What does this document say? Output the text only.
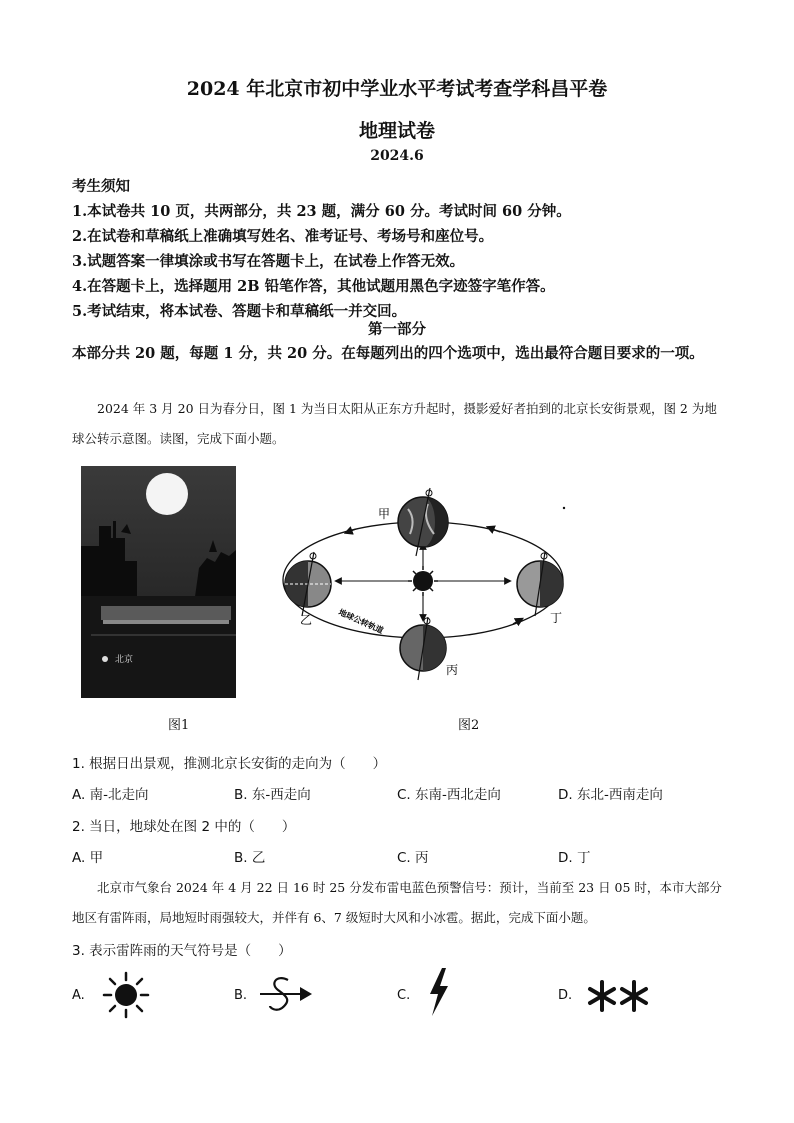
2024 年北京市初中学业水平考试考查学科昌平卷
地理试卷
2024.6
考生须知
1.本试卷共 10 页，共两部分，共 23 题，满分 60 分。考试时间 60 分钟。
2.在试卷和草稿纸上准确填写姓名、准考证号、考场号和座位号。
3.试题答案一律填涂或书写在答题卡上，在试卷上作答无效。
4.在答题卡上，选择题用 2B 铅笔作答，其他试题用黑色字迹签字笔作答。
5.考试结束，将本试卷、答题卡和草稿纸一并交回。
第一部分
本部分共 20 题，每题 1 分，共 20 分。在每题列出的四个选项中，选出最符合题目要求的一项。
2024 年 3 月 20 日为春分日，图 1 为当日太阳从正东方升起时，摄影爱好者拍到的北京长安街景观，图 2 为地球公转示意图。读图，完成下面小题。
北京
图1
甲
乙
丙
丁
地球公转轨道
图2
1. 根据日出景观，推测北京长安街的走向为（　　）
A. 南-北走向	B. 东-西走向	C. 东南-西北走向	D. 东北-西南走向
2. 当日，地球处在图 2 中的（　　）
A. 甲	B. 乙	C. 丙	D. 丁
北京市气象台 2024 年 4 月 22 日 16 时 25 分发布雷电蓝色预警信号：预计，当前至 23 日 05 时，本市大部分地区有雷阵雨，局地短时雨强较大，并伴有 6、7 级短时大风和小冰雹。据此，完成下面小题。
3. 表示雷阵雨的天气符号是（　　）
A.	B.	C.	D.
